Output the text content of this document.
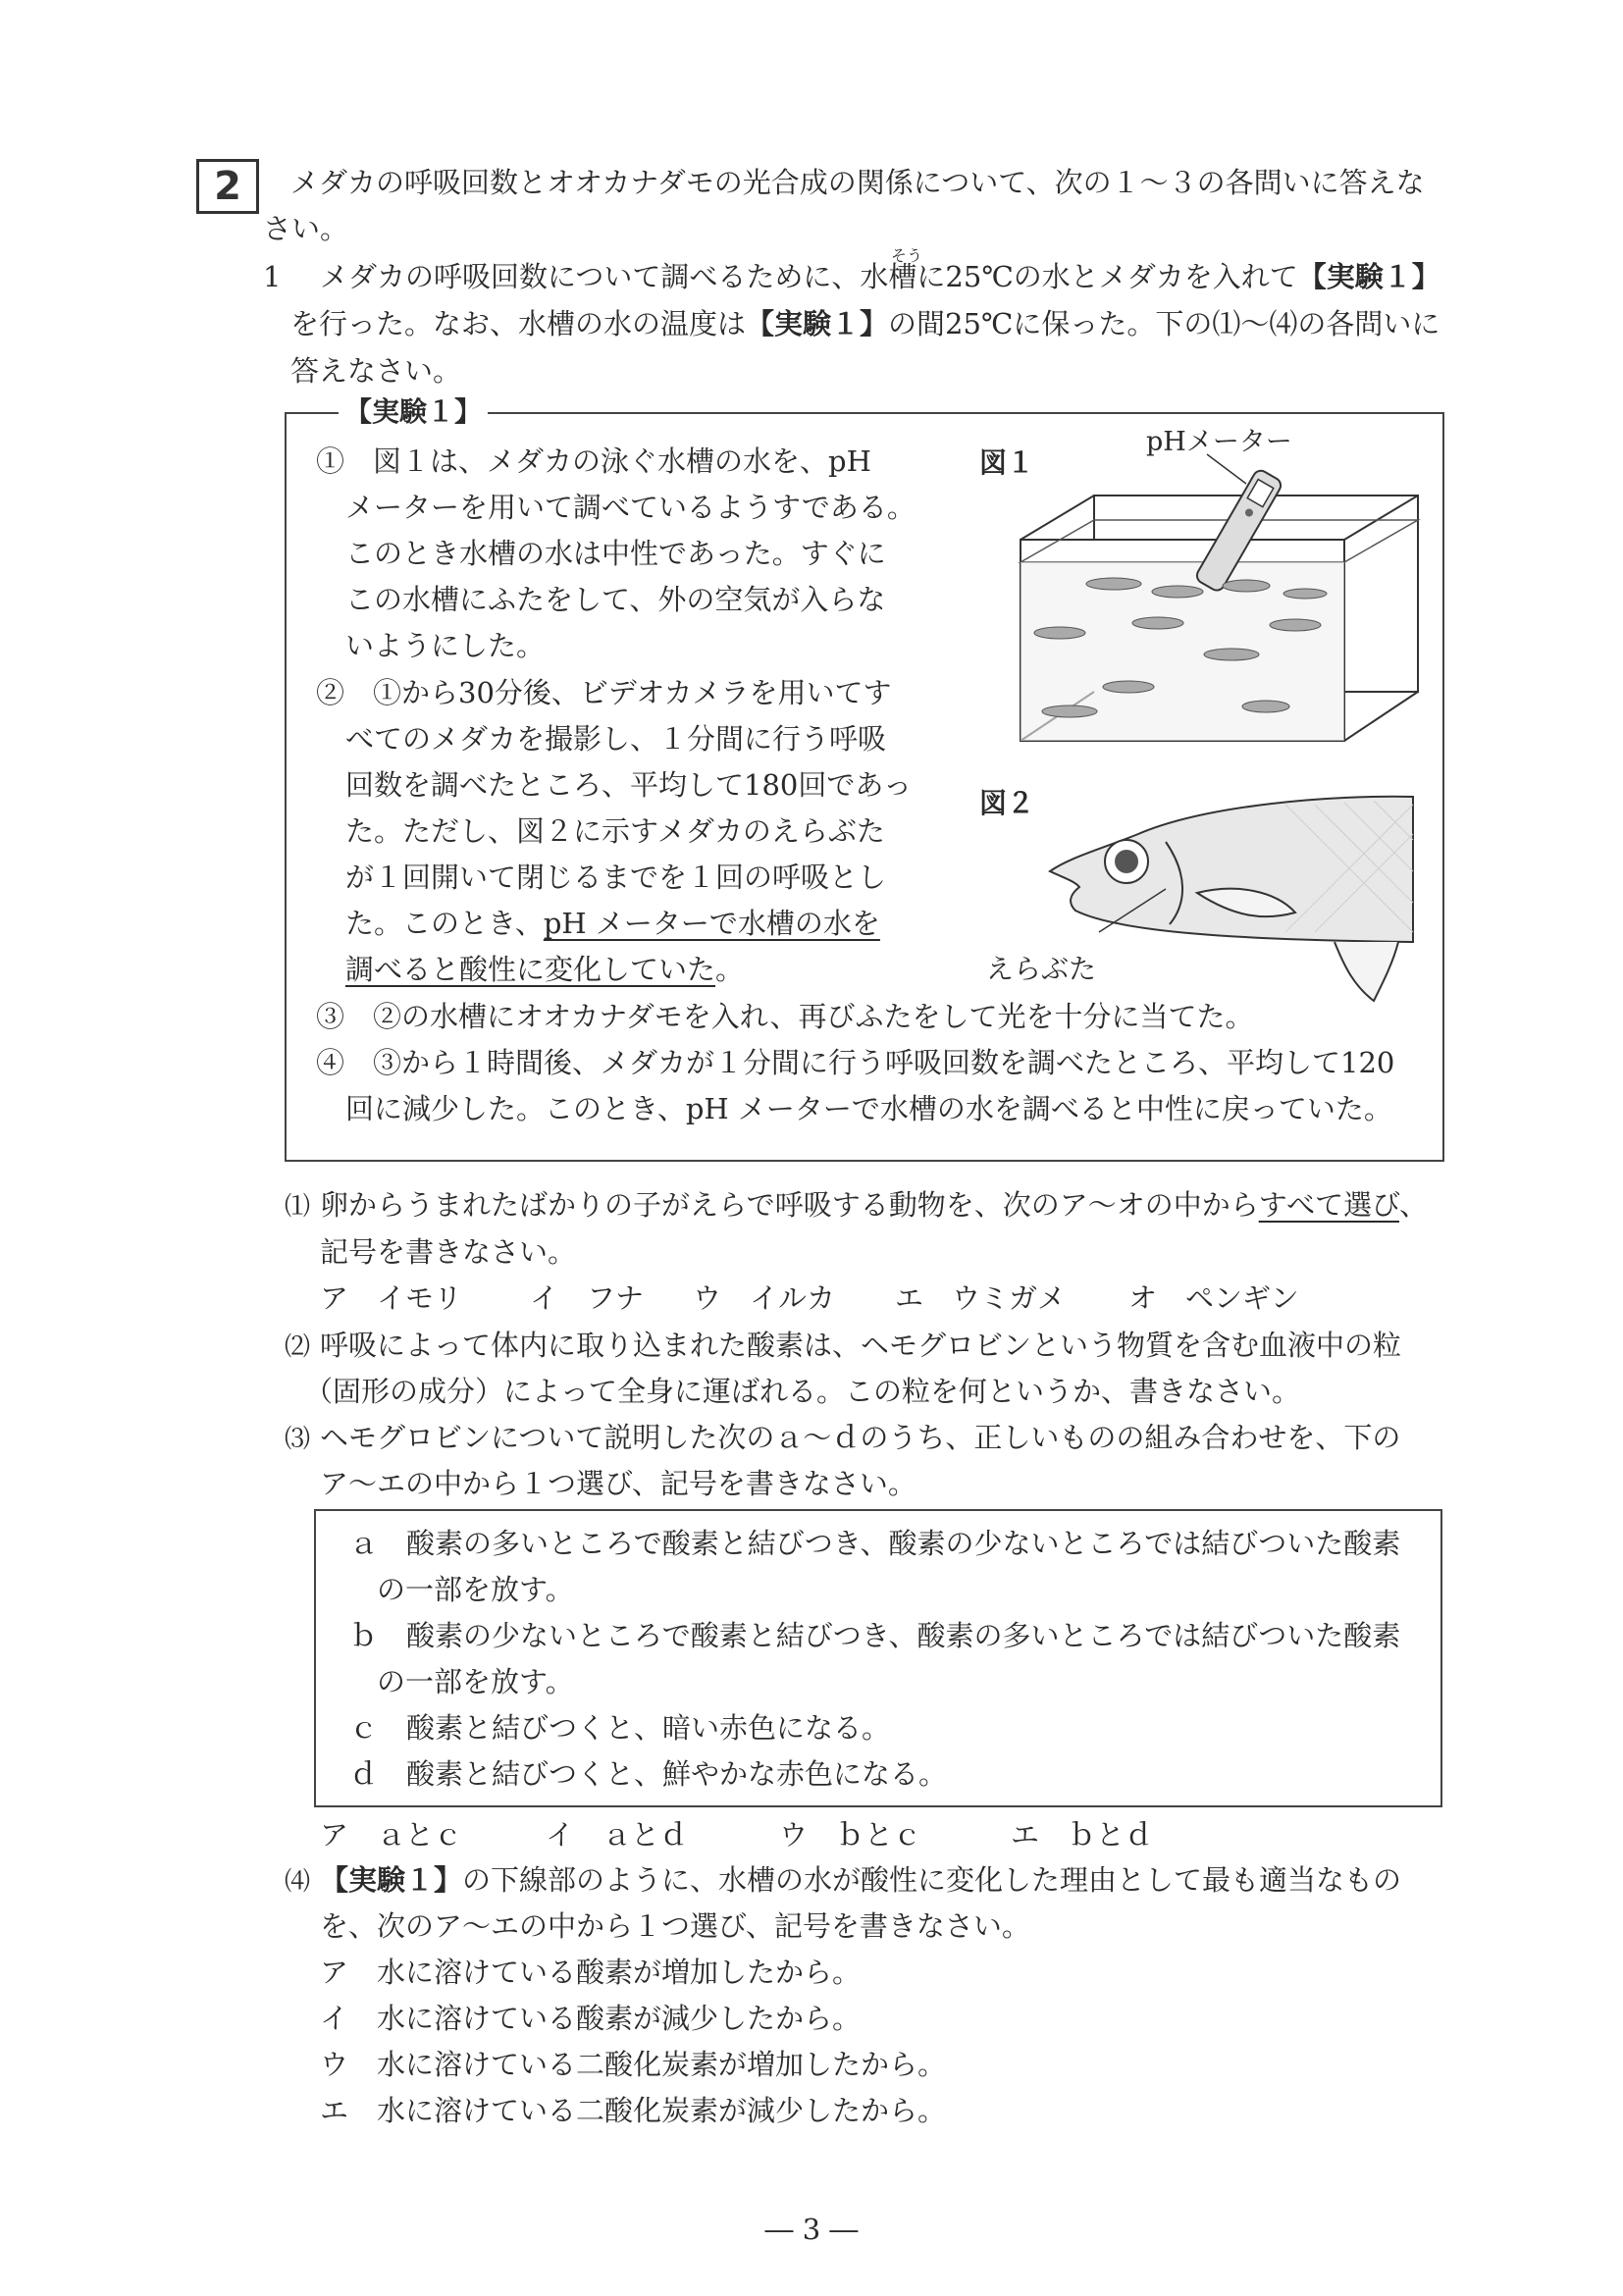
2	メダカの呼吸回数とオオカナダモの光合成の関係について、次の１～３の各問いに答えな
さい。
1
そう
メダカの呼吸回数について調べるために、水槽に25℃の水とメダカを入れて【実験１】
を行った。なお、水槽の水の温度は【実験１】の間25℃に保った。下の⑴～⑷の各問いに
答えなさい。
【実験１】
①　図１は、メダカの泳ぐ水槽の水を、pH
メーターを用いて調べているようすである。
このとき水槽の水は中性であった。すぐに
この水槽にふたをして、外の空気が入らな
いようにした。
②　①から30分後、ビデオカメラを用いてす
べてのメダカを撮影し、１分間に行う呼吸
回数を調べたところ、平均して180回であっ
た。ただし、図２に示すメダカのえらぶた
が１回開いて閉じるまでを１回の呼吸とし
た。このとき、pH メーターで水槽の水を
調べると酸性に変化していた。
③　②の水槽にオオカナダモを入れ、再びふたをして光を十分に当てた。
④　③から１時間後、メダカが１分間に行う呼吸回数を調べたところ、平均して120
回に減少した。このとき、pH メーターで水槽の水を調べると中性に戻っていた。
図１
pHメーター
図２
えらぶた
⑴ 卵からうまれたばかりの子がえらで呼吸する動物を、次のア～オの中からすべて選び、
記号を書きなさい。
ア　イモリ イ　フナ ウ　イルカ エ　ウミガメ オ　ペンギン
⑵ 呼吸によって体内に取り込まれた酸素は、ヘモグロビンという物質を含む血液中の粒
（固形の成分）によって全身に運ばれる。この粒を何というか、書きなさい。
⑶ ヘモグロビンについて説明した次のａ～ｄのうち、正しいものの組み合わせを、下の
ア～エの中から１つ選び、記号を書きなさい。
ａ　酸素の多いところで酸素と結びつき、酸素の少ないところでは結びついた酸素
の一部を放す。
ｂ　酸素の少ないところで酸素と結びつき、酸素の多いところでは結びついた酸素
の一部を放す。
ｃ　酸素と結びつくと、暗い赤色になる。
ｄ　酸素と結びつくと、鮮やかな赤色になる。
ア　ａとｃ	イ　ａとｄ	ウ　ｂとｃ	エ　ｂとｄ
⑷ 【実験１】の下線部のように、水槽の水が酸性に変化した理由として最も適当なもの
を、次のア～エの中から１つ選び、記号を書きなさい。
ア　水に溶けている酸素が増加したから。
イ　水に溶けている酸素が減少したから。
ウ　水に溶けている二酸化炭素が増加したから。
エ　水に溶けている二酸化炭素が減少したから。
― 3 ―
